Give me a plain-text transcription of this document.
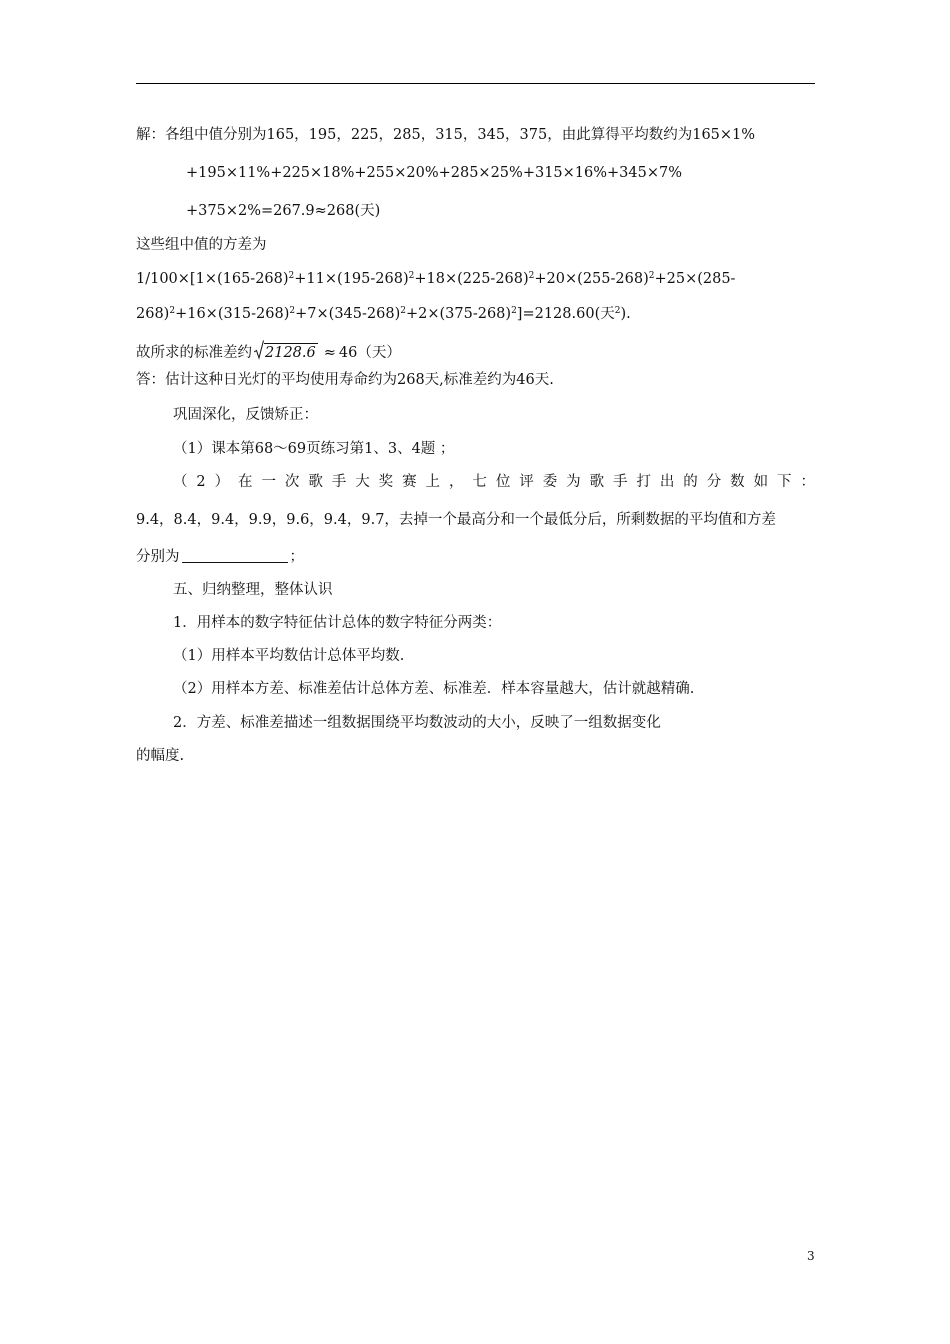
解：各组中值分别为165，195，225，285，315，345，375，由此算得平均数约为165×1%
+195×11%+225×18%+255×20%+285×25%+315×16%+345×7%
+375×2%=267.9≈268(天)
这些组中值的方差为
$1/100\times[1\times(165-268)^2+11\times(195-268)^2+18\times(225-268)^2+20\times(255-268)^2+25\times(285-$
$268)^2+16\times(315-268)^2+7\times(345-268)^2+2\times(375-268)^2]=2128.60$(天$^2$).
故所求的标准差约 2128.6 ≈ 46（天）
答：估计这种日光灯的平均使用寿命约为268天,标准差约为46天.
巩固深化，反馈矫正：
（1）课本第68～69页练习第1、3、4题 ；
（2）在一次歌手大奖赛上，七位评委为歌手打出的分数如下：
9.4，8.4，9.4，9.9，9.6，9.4，9.7，去掉一个最高分和一个最低分后，所剩数据的平均值和方差
分别为	；
五、归纳整理，整体认识
1．用样本的数字特征估计总体的数字特征分两类：
（1）用样本平均数估计总体平均数.
（2）用样本方差、标准差估计总体方差、标准差．样本容量越大，估计就越精确.
2．方差、标准差描述一组数据围绕平均数波动的大小，反映了一组数据变化
的幅度.
3
